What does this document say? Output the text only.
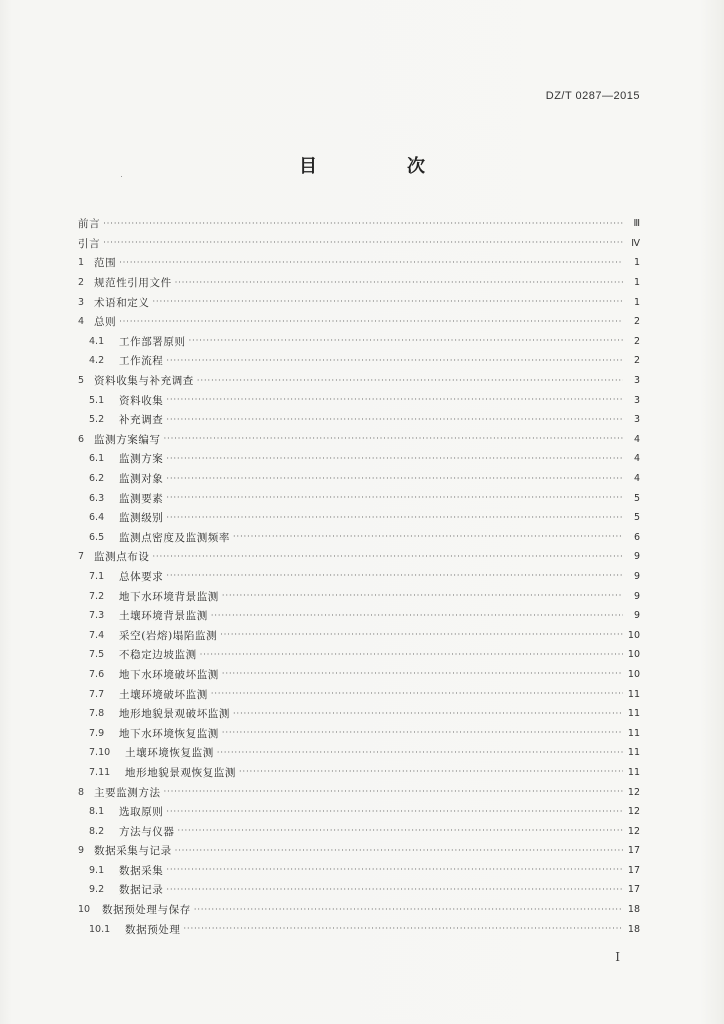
DZ/T 0287—2015
目　次
前言 ·····	Ⅲ
引言 ·····	Ⅳ
1 范围 ·····	1
2 规范性引用文件 ·····	1
3 术语和定义 ·····	1
4 总则 ·····	2
4.1	工作部署原则 ·····	2
4.2	工作流程 ·····	2
5 资料收集与补充调查 ·····	3
5.1	资料收集 ·····	3
5.2	补充调查 ·····	3
6 监测方案编写 ·····	4
6.1	监测方案 ·····	4
6.2	监测对象 ·····	4
6.3	监测要素 ·····	5
6.4	监测级别 ·····	5
6.5	监测点密度及监测频率 ·····	6
7 监测点布设 ·····	9
7.1	总体要求 ·····	9
7.2	地下水环境背景监测 ·····	9
7.3	土壤环境背景监测 ·····	9
7.4	采空(岩熔)塌陷监测 ·····	10
7.5	不稳定边坡监测 ·····	10
7.6	地下水环境破坏监测 ·····	10
7.7	土壤环境破坏监测 ·····	11
7.8	地形地貌景观破坏监测 ·····	11
7.9	地下水环境恢复监测 ·····	11
7.10	土壤环境恢复监测 ·····	11
7.11	地形地貌景观恢复监测 ·····	11
8 主要监测方法 ·····	12
8.1	选取原则 ·····	12
8.2	方法与仪器 ·····	12
9 数据采集与记录 ·····	17
9.1	数据采集 ·····	17
9.2	数据记录 ·····	17
10	数据预处理与保存 ·····	18
10.1	数据预处理 ·····	18
I
